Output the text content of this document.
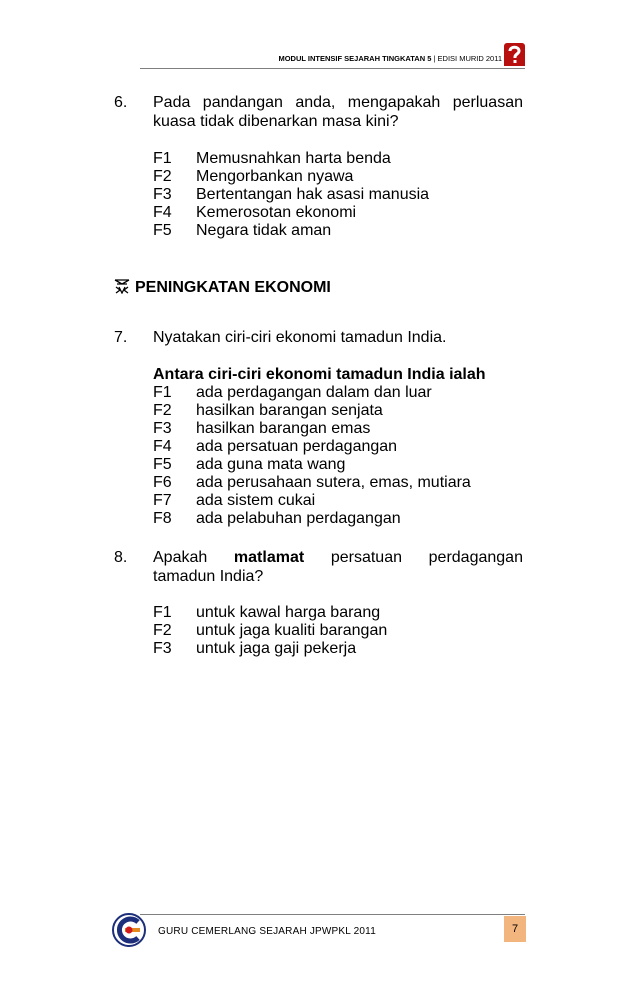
MODUL INTENSIF SEJARAH TINGKATAN 5 | EDISI MURID 2011
6. Pada pandangan anda, mengapakah perluasan
kuasa tidak dibenarkan masa kini?
F1 Memusnahkan harta benda
F2 Mengorbankan nyawa
F3 Bertentangan hak asasi manusia
F4 Kemerosotan ekonomi
F5 Negara tidak aman
PENINGKATAN EKONOMI
7. Nyatakan ciri-ciri ekonomi tamadun India.
Antara ciri-ciri ekonomi tamadun India ialah
F1 ada perdagangan dalam dan luar
F2 hasilkan barangan senjata
F3 hasilkan barangan emas
F4 ada persatuan perdagangan
F5 ada guna mata wang
F6 ada perusahaan sutera, emas, mutiara
F7 ada sistem cukai
F8 ada pelabuhan perdagangan
8. Apakah matlamat persatuan perdagangan
tamadun India?
F1 untuk kawal harga barang
F2 untuk jaga kualiti barangan
F3 untuk jaga gaji pekerja
GURU CEMERLANG SEJARAH JPWPKL 2011	7
